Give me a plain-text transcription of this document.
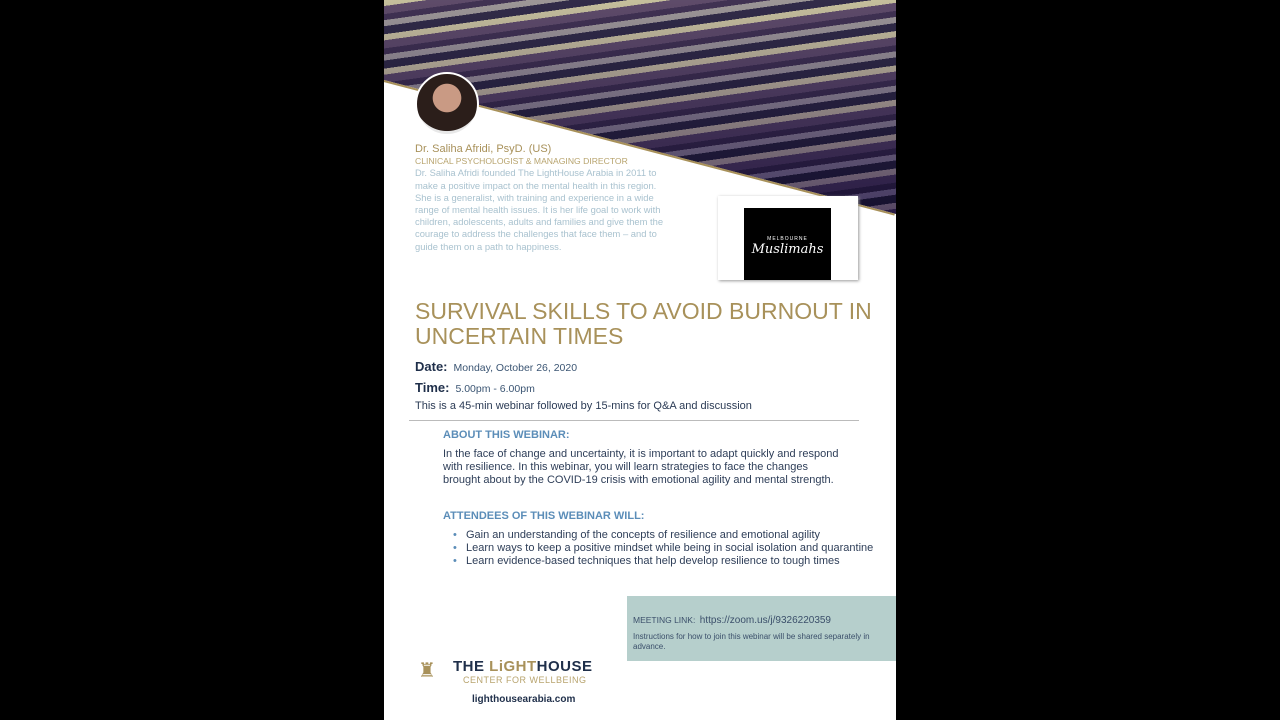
Dr. Saliha Afridi, PsyD. (US)
CLINICAL PSYCHOLOGIST & MANAGING DIRECTOR
Dr. Saliha Afridi founded The LightHouse Arabia in 2011 to make a positive impact on the mental health in this region. She is a generalist, with training and experience in a wide range of mental health issues. It is her life goal to work with children, adolescents, adults and families and give them the courage to address the challenges that face them – and to guide them on a path to happiness.
MELBOURNE
Muslimahs
SURVIVAL SKILLS TO AVOID BURNOUT IN UNCERTAIN TIMES
Date: Monday, October 26, 2020
Time: 5.00pm - 6.00pm
This is a 45-min webinar followed by 15-mins for Q&A and discussion
ABOUT THIS WEBINAR:

In the face of change and uncertainty, it is important to adapt quickly and respond with resilience. In this webinar, you will learn strategies to face the changes brought about by the COVID-19 crisis with emotional agility and mental strength.

ATTENDEES OF THIS WEBINAR WILL:
• Gain an understanding of the concepts of resilience and emotional agility
• Learn ways to keep a positive mindset while being in social isolation and quarantine
• Learn evidence-based techniques that help develop resilience to tough times
MEETING LINK: https://zoom.us/j/9326220359
Instructions for how to join this webinar will be shared separately in advance.
♜ THE LiGHTHOUSE
CENTER FOR WELLBEING
lighthousearabia.com
